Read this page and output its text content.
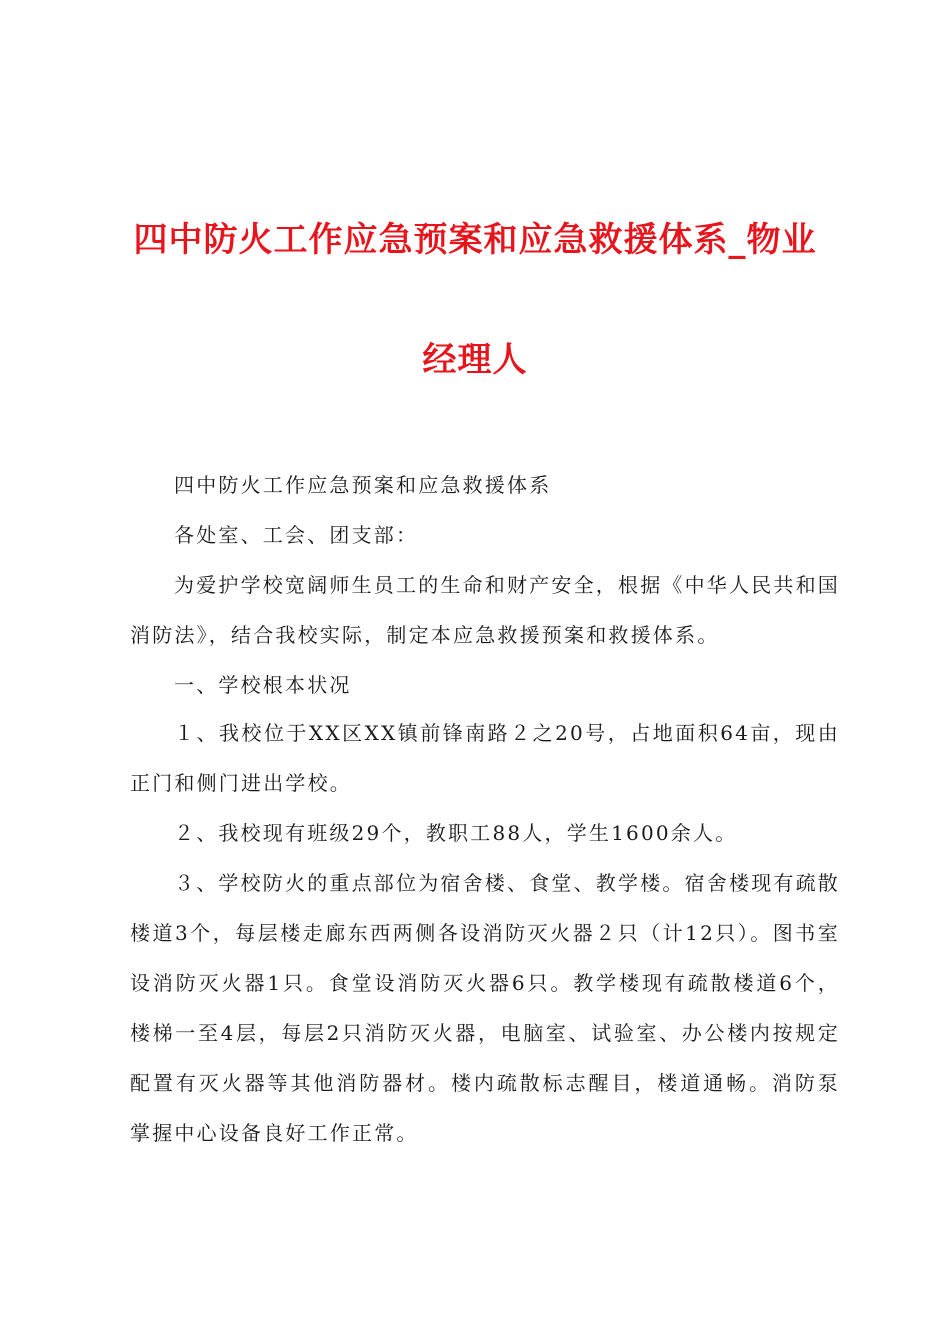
四中防火工作应急预案和应急救援体系_物业
经理人

四中防火工作应急预案和应急救援体系

各处室、工会、团支部：

为爱护学校宽阔师生员工的生命和财产安全，根据《中华人民共和国消防法》，结合我校实际，制定本应急救援预案和救援体系。

一、学校根本状况

１、我校位于XX区XX镇前锋南路２之20号，占地面积64亩，现由正门和侧门进出学校。

２、我校现有班级29个，教职工88人，学生1600余人。

３、学校防火的重点部位为宿舍楼、食堂、教学楼。宿舍楼现有疏散楼道3个，每层楼走廊东西两侧各设消防灭火器２只（计12只）。图书室设消防灭火器1只。食堂设消防灭火器6只。教学楼现有疏散楼道6个，楼梯一至4层，每层2只消防灭火器，电脑室、试验室、办公楼内按规定配置有灭火器等其他消防器材。楼内疏散标志醒目，楼道通畅。消防泵掌握中心设备良好工作正常。
